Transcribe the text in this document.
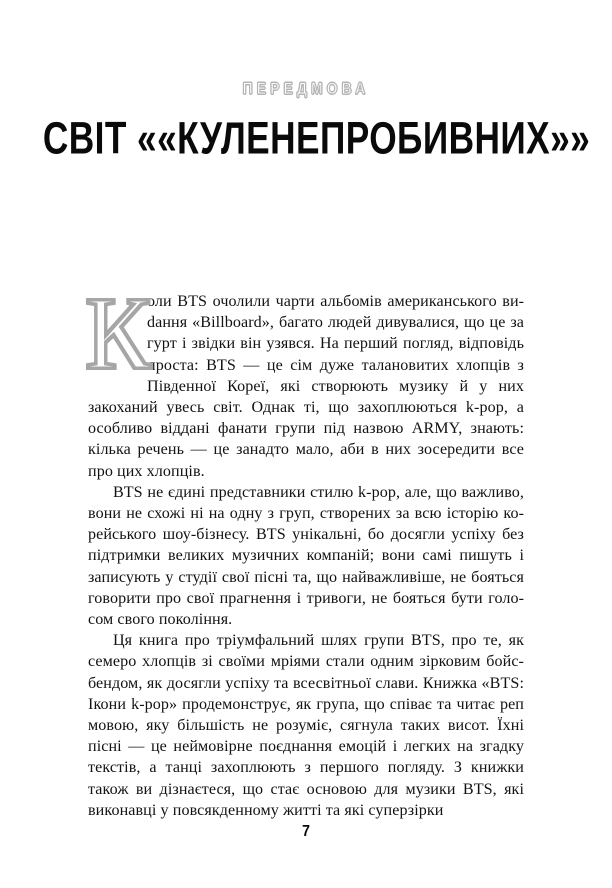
ПЕРЕДМОВА
СВІТ ««КУЛЕНЕПРОБИВНИХ»»
К

оли BTS очолили чарти альбомів американського виdання «Billboard», багато людей дивувалися, що це за гурт і звідки він узявся. На перший погляд, відповідь проста: BTS — це сім дуже талановитих хлопців з Південної Кореї, які створюють музику й у них закоханий увесь світ. Однак ті, що захоплюються k-pop, а особливо віддані фанати групи під назвою ARMY, знають: кілька речень — це занадто мало, аби в них зосередити все про цих хлопців.

BTS не єдині представники стилю k-pop, але, що важливо, вони не схожі ні на одну з груп, створених за всю історію корейського шоу-бізнесу. BTS унікальні, бо досягли успіху без підтримки великих музичних компаній; вони самі пишуть і записують у студії свої пісні та, що найважливіше, не бояться говорити про свої прагнення і тривоги, не бояться бути голосом свого покоління.

Ця книга про тріумфальний шлях групи BTS, про те, як семеро хлопців зі своїми мріями стали одним зірковим бойс-бендом, як досягли успіху та всесвітньої слави. Книжка «BTS: Ікони k-pop» продемонструє, як група, що співає та читає реп мовою, яку більшість не розуміє, сягнула таких висот. Їхні пісні — це неймовірне поєднання емоцій і легких на згадку текстів, а танці захоплюють з першого погляду. З книжки також ви дізнаєтеся, що стає основою для музики BTS, які виконавці у повсякденному житті та які суперзірки

7
